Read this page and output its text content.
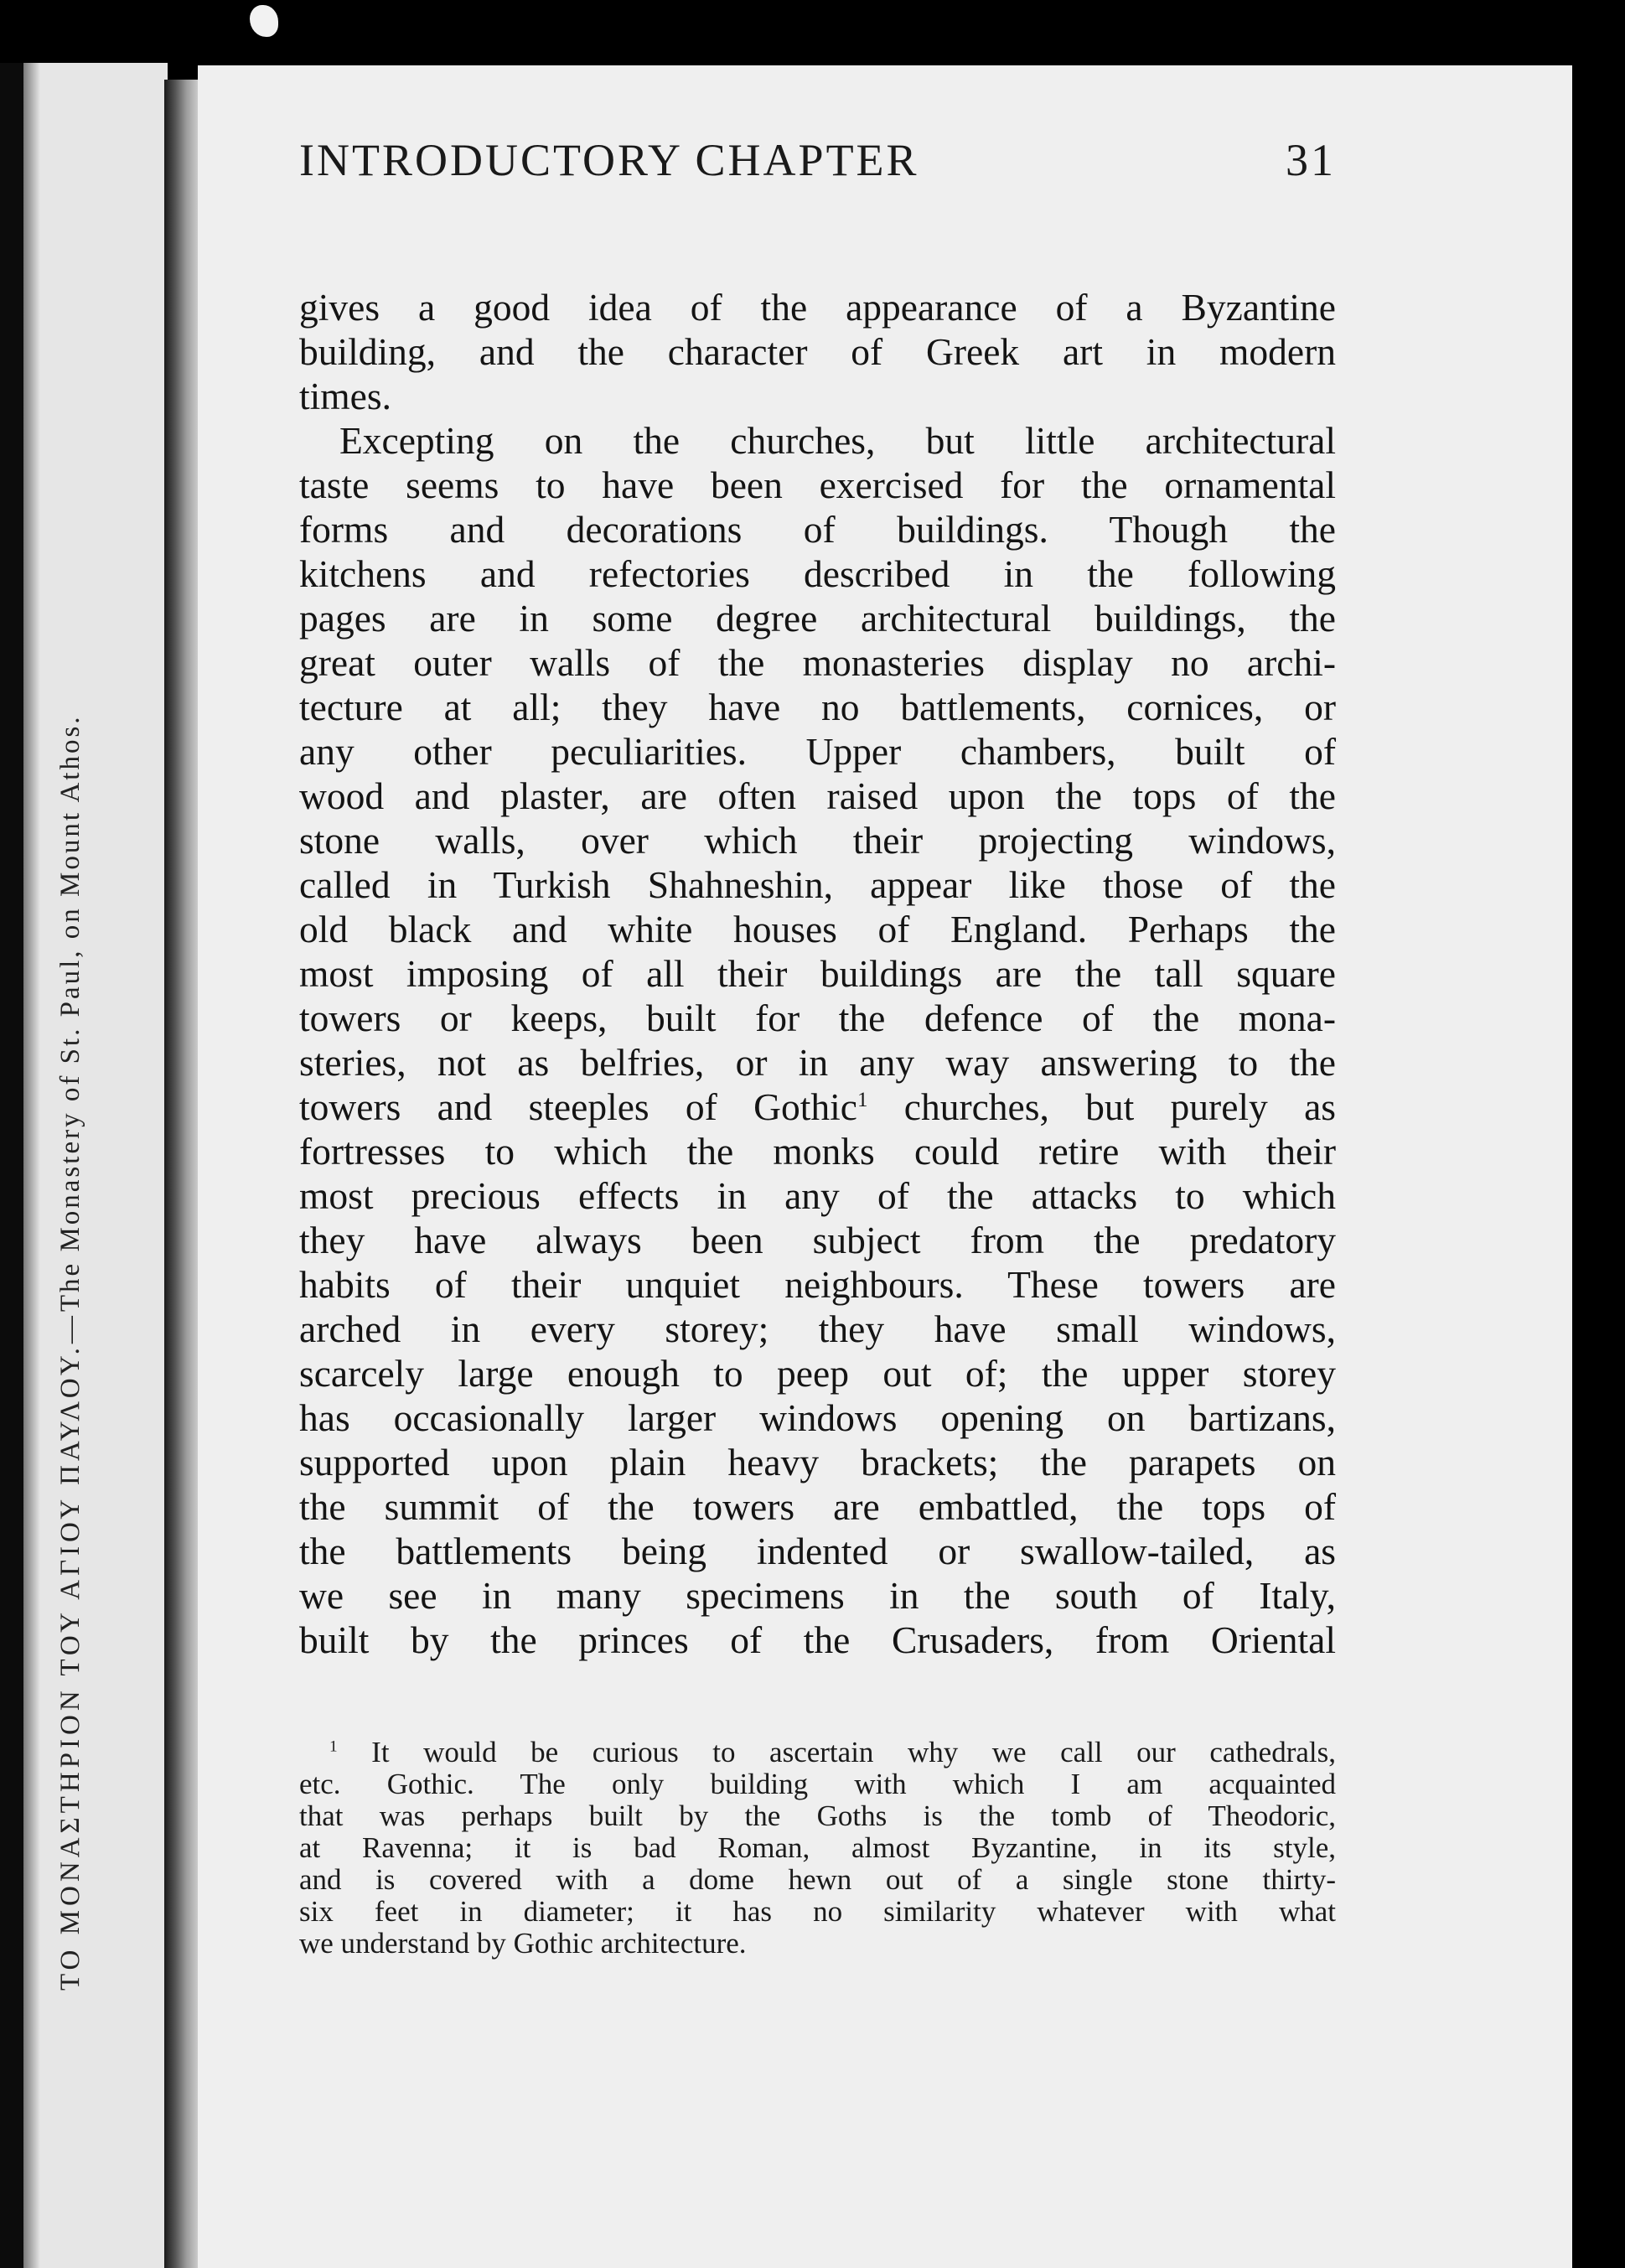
ΤΟ ΜΟΝΑΣΤΗΡΙΟΝ ΤΟΥ ΑΓΙΟΥ ΠΑΥΛΟΥ.—The Monastery of St. Paul, on Mount Athos.
INTRODUCTORY CHAPTER	31
gives a good idea of the appearance of a Byzantine
building, and the character of Greek art in modern
times.
Excepting on the churches, but little architectural
taste seems to have been exercised for the ornamental
forms and decorations of buildings. Though the
kitchens and refectories described in the following
pages are in some degree architectural buildings, the
great outer walls of the monasteries display no archi-
tecture at all; they have no battlements, cornices, or
any other peculiarities. Upper chambers, built of
wood and plaster, are often raised upon the tops of the
stone walls, over which their projecting windows,
called in Turkish Shahneshin, appear like those of the
old black and white houses of England. Perhaps the
most imposing of all their buildings are the tall square
towers or keeps, built for the defence of the mona-
steries, not as belfries, or in any way answering to the
towers and steeples of Gothic$^1$ churches, but purely as
fortresses to which the monks could retire with their
most precious effects in any of the attacks to which
they have always been subject from the predatory
habits of their unquiet neighbours. These towers are
arched in every storey; they have small windows,
scarcely large enough to peep out of; the upper storey
has occasionally larger windows opening on bartizans,
supported upon plain heavy brackets; the parapets on
the summit of the towers are embattled, the tops of
the battlements being indented or swallow-tailed, as
we see in many specimens in the south of Italy,
built by the princes of the Crusaders, from Oriental
$^1$ It would be curious to ascertain why we call our cathedrals,
etc. Gothic. The only building with which I am acquainted
that was perhaps built by the Goths is the tomb of Theodoric,
at Ravenna; it is bad Roman, almost Byzantine, in its style,
and is covered with a dome hewn out of a single stone thirty-
six feet in diameter; it has no similarity whatever with what
we understand by Gothic architecture.
